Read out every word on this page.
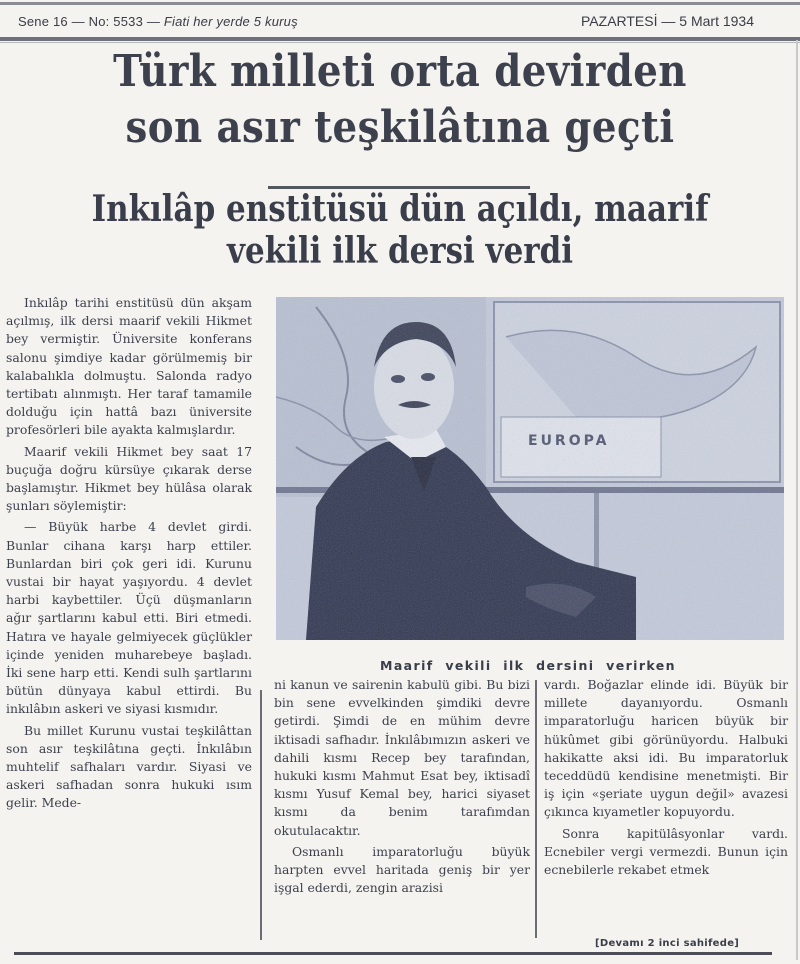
Sene 16 — No: 5533 — Fiati her yerde 5 kuruş	PAZARTESİ — 5 Mart 1934
Türk milleti orta devirden
son asır teşkilâtına geçti
Inkılâp enstitüsü dün açıldı, maarif
vekili ilk dersi verdi

Inkılâp tarihi enstitüsü dün akşam açılmış, ilk dersi maarif vekili Hikmet bey vermiştir. Üniversite konferans salonu şimdiye kadar görülmemiş bir kalabalıkla dolmuştu. Salonda radyo tertibatı alınmıştı. Her taraf tamamile dolduğu için hattâ bazı üniversite profesörleri bile ayakta kalmışlardır.

Maarif vekili Hikmet bey saat 17 buçuğa doğru kürsüye çıkarak derse başlamıştır. Hikmet bey hülâsa olarak şunları söylemiştir:

— Büyük harbe 4 devlet girdi. Bunlar cihana karşı harp ettiler. Bunlardan biri çok geri idi. Kurunu vustai bir hayat yaşıyordu. 4 devlet harbi kaybettiler. Üçü düşmanların ağır şartlarını kabul etti. Biri etmedi. Hatıra ve hayale gelmiyecek güçlükler içinde yeniden muharebeye başladı. İki sene harp etti. Kendi sulh şartlarını bütün dünyaya kabul ettirdi. Bu inkılâbın askeri ve siyasi kısmıdır.

Bu millet Kurunu vustai teşkilâttan son asır teşkilâtına geçti. İnkılâbın muhtelif safhaları vardır. Siyasi ve askeri safhadan sonra hukuki ısım gelir. Mede-

Maarif vekili ilk dersini verirken

ni kanun ve sairenin kabulü gibi. Bu bizi bin sene evvelkinden şimdiki devre getirdi. Şimdi de en mühim devre iktisadi safhadır. İnkılâbımızın askeri ve dahili kısmı Recep bey tarafından, hukuki kısmı Mahmut Esat bey, iktisadî kısmı Yusuf Kemal bey, harici siyaset kısmı da benim tarafımdan okutulacaktır.

Osmanlı imparatorluğu büyük harpten evvel haritada geniş bir yer işgal ederdi, zengin arazisi

vardı. Boğazlar elinde idi. Büyük bir millete dayanıyordu. Osmanlı imparatorluğu haricen büyük bir hükûmet gibi görünüyordu. Halbuki hakikatte aksi idi. Bu imparatorluk teceddüdü kendisine menetmişti. Bir iş için «şeriate uygun değil» avazesi çıkınca kıyametler kopuyordu.

Sonra kapitülâsyonlar vardı. Ecnebiler vergi vermezdi. Bunun için ecnebilerle rekabet etmek

[Devamı 2 inci sahifede]
